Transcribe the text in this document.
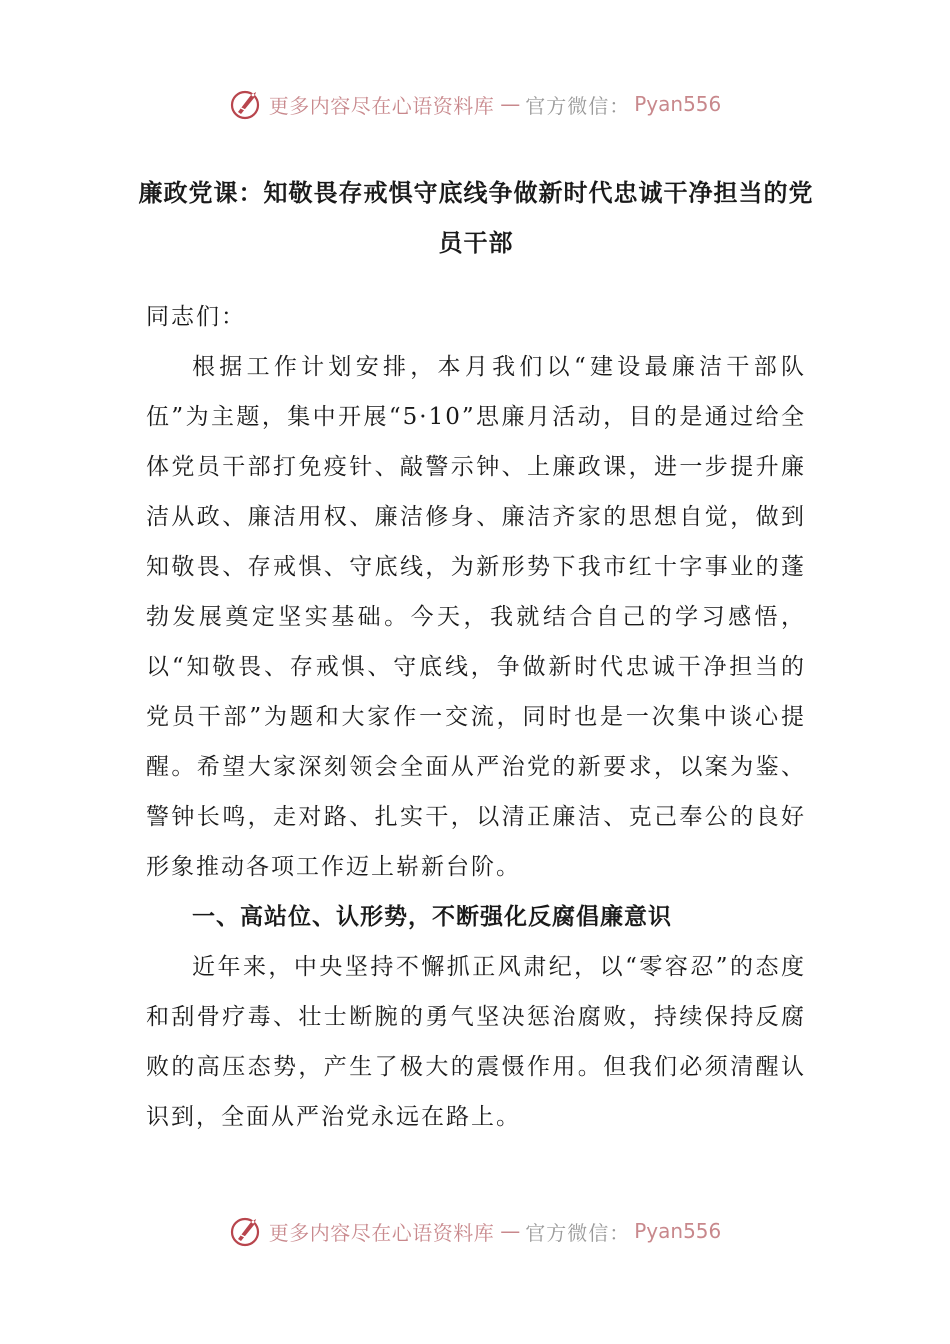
更多内容尽在心语资料库 — 官方微信： Pyan556
廉政党课：知敬畏存戒惧守底线争做新时代忠诚干净担当的党员干部

同志们：

根据工作计划安排，本月我们以“建设最廉洁干部队伍”为主题，集中开展“5·10”思廉月活动，目的是通过给全体党员干部打免疫针、敲警示钟、上廉政课，进一步提升廉洁从政、廉洁用权、廉洁修身、廉洁齐家的思想自觉，做到知敬畏、存戒惧、守底线，为新形势下我市红十字事业的蓬勃发展奠定坚实基础。今天，我就结合自己的学习感悟，以“知敬畏、存戒惧、守底线，争做新时代忠诚干净担当的党员干部”为题和大家作一交流，同时也是一次集中谈心提醒。希望大家深刻领会全面从严治党的新要求，以案为鉴、警钟长鸣，走对路、扎实干，以清正廉洁、克己奉公的良好形象推动各项工作迈上崭新台阶。

一、高站位、认形势，不断强化反腐倡廉意识

近年来，中央坚持不懈抓正风肃纪，以“零容忍”的态度和刮骨疗毒、壮士断腕的勇气坚决惩治腐败，持续保持反腐败的高压态势，产生了极大的震慑作用。但我们必须清醒认识到，全面从严治党永远在路上。

更多内容尽在心语资料库 — 官方微信： Pyan556
